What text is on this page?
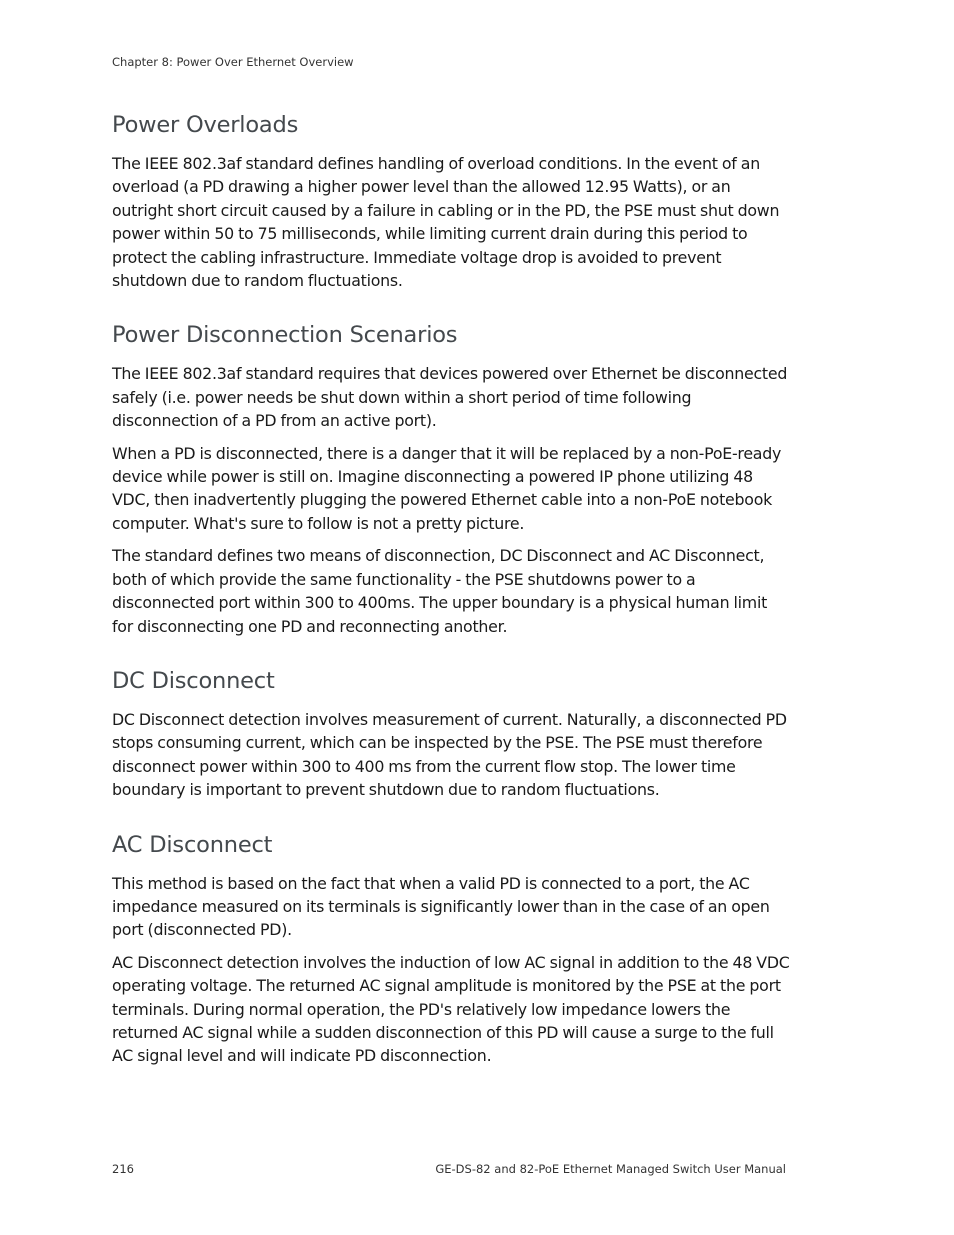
Chapter 8: Power Over Ethernet Overview
Power Overloads

The IEEE 802.3af standard defines handling of overload conditions. In the event of an overload (a PD drawing a higher power level than the allowed 12.95 Watts), or an outright short circuit caused by a failure in cabling or in the PD, the PSE must shut down power within 50 to 75 milliseconds, while limiting current drain during this period to protect the cabling infrastructure. Immediate voltage drop is avoided to prevent shutdown due to random fluctuations.

Power Disconnection Scenarios

The IEEE 802.3af standard requires that devices powered over Ethernet be disconnected safely (i.e. power needs be shut down within a short period of time following disconnection of a PD from an active port).

When a PD is disconnected, there is a danger that it will be replaced by a non-PoE-ready device while power is still on. Imagine disconnecting a powered IP phone utilizing 48 VDC, then inadvertently plugging the powered Ethernet cable into a non-PoE notebook computer. What's sure to follow is not a pretty picture.

The standard defines two means of disconnection, DC Disconnect and AC Disconnect, both of which provide the same functionality - the PSE shutdowns power to a disconnected port within 300 to 400ms. The upper boundary is a physical human limit for disconnecting one PD and reconnecting another.

DC Disconnect

DC Disconnect detection involves measurement of current. Naturally, a disconnected PD stops consuming current, which can be inspected by the PSE. The PSE must therefore disconnect power within 300 to 400 ms from the current flow stop. The lower time boundary is important to prevent shutdown due to random fluctuations.

AC Disconnect

This method is based on the fact that when a valid PD is connected to a port, the AC impedance measured on its terminals is significantly lower than in the case of an open port (disconnected PD).

AC Disconnect detection involves the induction of low AC signal in addition to the 48 VDC operating voltage. The returned AC signal amplitude is monitored by the PSE at the port terminals. During normal operation, the PD's relatively low impedance lowers the returned AC signal while a sudden disconnection of this PD will cause a surge to the full AC signal level and will indicate PD disconnection.

216	GE-DS-82 and 82-PoE Ethernet Managed Switch User Manual
